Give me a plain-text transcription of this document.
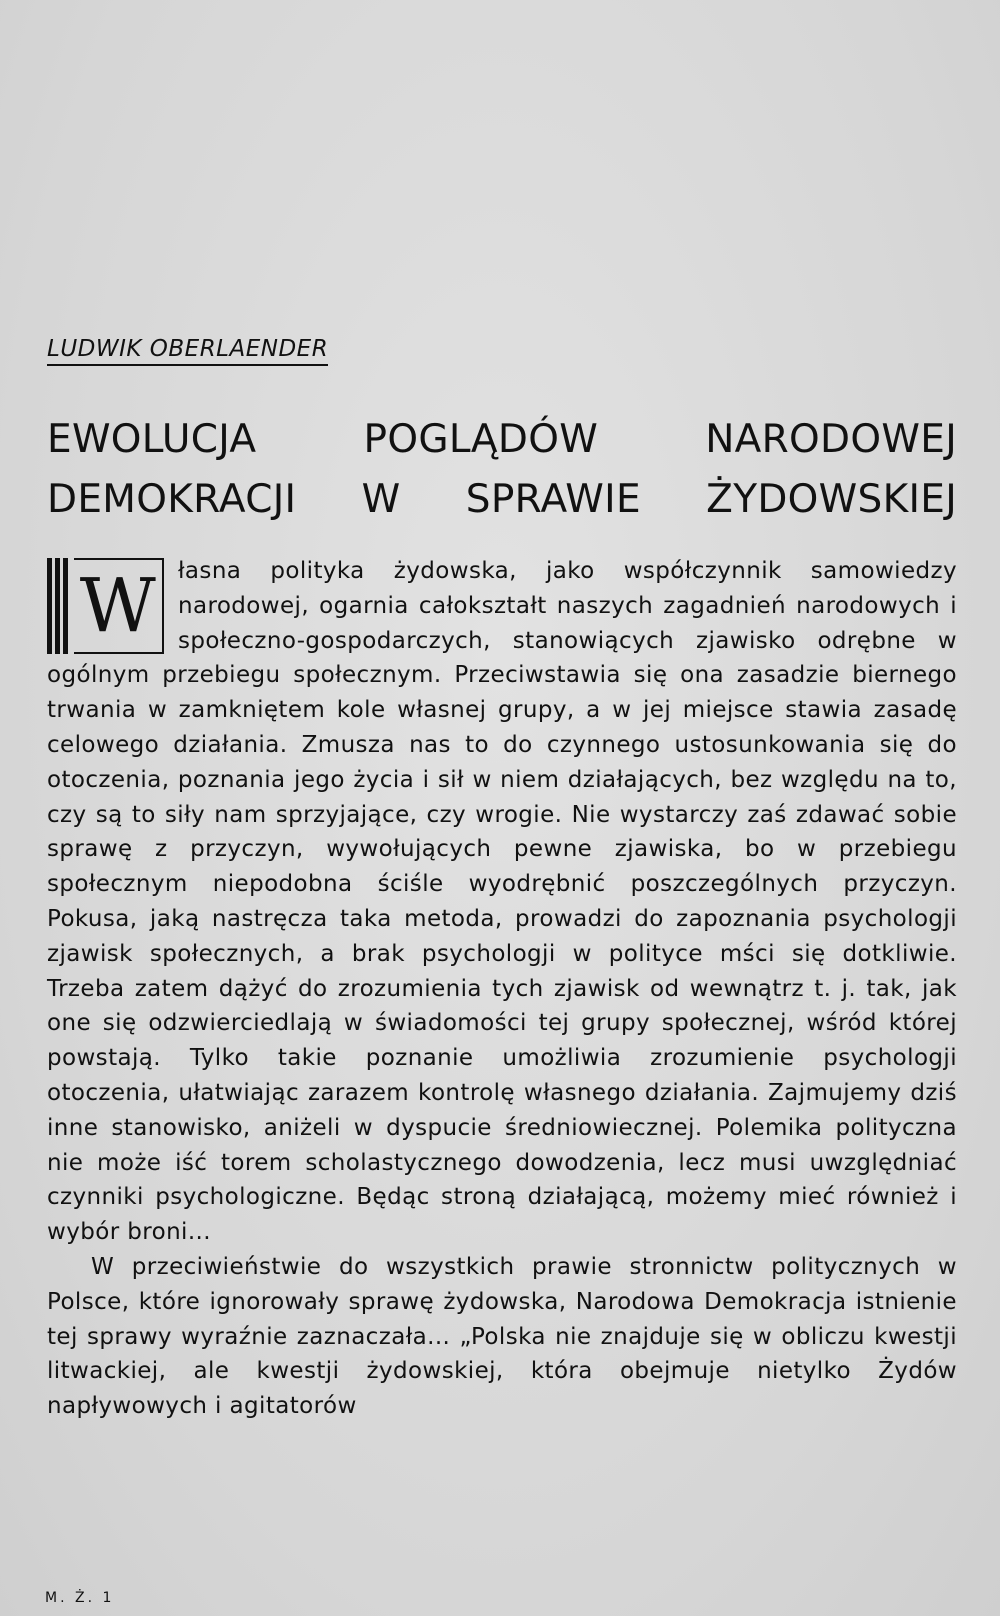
LUDWIK OBERLAENDER
EWOLUCJA POGLĄDÓW NARODOWEJ
DEMOKRACJI W SPRAWIE ŻYDOWSKIEJ

W łasna polityka żydowska, jako współczynnik samowiedzy narodowej, ogarnia całokształt naszych zagadnień narodowych i społeczno-gospodarczych, stanowiących zjawisko odrębne w ogólnym przebiegu społecznym. Przeciwstawia się ona zasadzie biernego trwania w zamkniętem kole własnej grupy, a w jej miejsce stawia zasadę celowego działania. Zmusza nas to do czynnego ustosunkowania się do otoczenia, poznania jego życia i sił w niem działających, bez względu na to, czy są to siły nam sprzyjające, czy wrogie. Nie wystarczy zaś zdawać sobie sprawę z przyczyn, wywołujących pewne zjawiska, bo w przebiegu społecznym niepodobna ściśle wyodrębnić poszczególnych przyczyn. Pokusa, jaką nastręcza taka metoda, prowadzi do zapoznania psychologji zjawisk społecznych, a brak psychologji w polityce mści się dotkliwie. Trzeba zatem dążyć do zrozumienia tych zjawisk od wewnątrz t. j. tak, jak one się odzwierciedlają w świadomości tej grupy społecznej, wśród której powstają. Tylko takie poznanie umożliwia zrozumienie psychologji otoczenia, ułatwiając zarazem kontrolę własnego działania. Zajmujemy dziś inne stanowisko, aniżeli w dyspucie średniowiecznej. Polemika polityczna nie może iść torem scholastycznego dowodzenia, lecz musi uwzględniać czynniki psychologiczne. Będąc stroną działającą, możemy mieć również i wybór broni...

W przeciwieństwie do wszystkich prawie stronnictw politycznych w Polsce, które ignorowały sprawę żydowska, Narodowa Demokracja istnienie tej sprawy wyraźnie zaznaczała... „Polska nie znajduje się w obliczu kwestji litwackiej, ale kwestji żydowskiej, która obejmuje nietylko Żydów napływowych i agitatorów

M. Ż. 1
